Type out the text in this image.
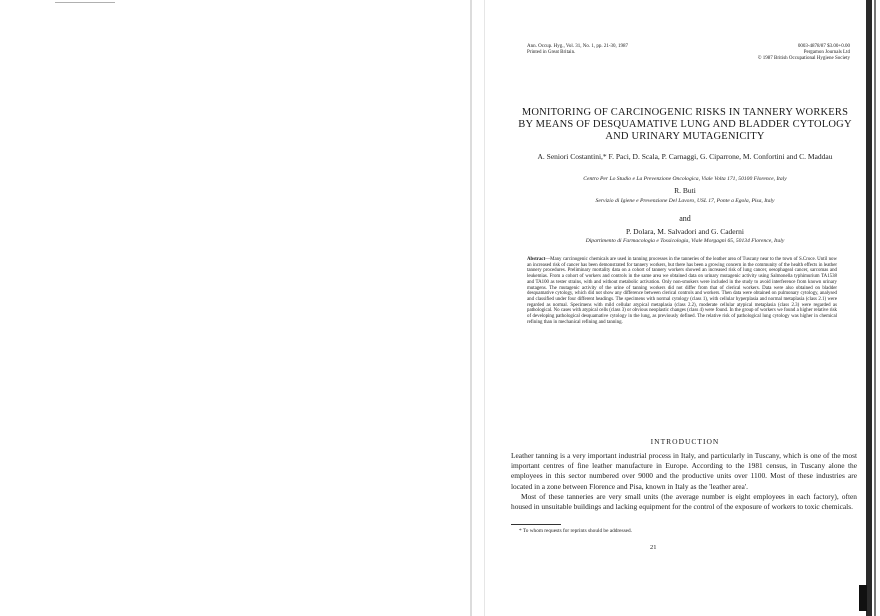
Ann. Occup. Hyg., Vol. 31, No. 1, pp. 21-30, 1987
Printed in Great Britain.
0003-4878/87 $3.00+0.00
Pergamon Journals Ltd
© 1987 British Occupational Hygiene Society
MONITORING OF CARCINOGENIC RISKS IN TANNERY WORKERS BY MEANS OF DESQUAMATIVE LUNG AND BLADDER CYTOLOGY AND URINARY MUTAGENICITY
A. Seniori Costantini,* F. Paci, D. Scala, P. Carnaggi, G. Ciparrone, M. Confortini and C. Maddau
Centro Per Lo Studio e La Prevenzione Oncologica, Viale Volta 171, 50100 Florence, Italy
R. Buti
Servizio di Igiene e Prevenzione Del Lavoro, USL 17, Ponte a Egola, Pisa, Italy
and
P. Dolara, M. Salvadori and G. Caderni
Dipartimento di Farmacologia e Tossicologia, Viale Morgagni 65, 50134 Florence, Italy
Abstract—Many carcinogenic chemicals are used in tanning processes in the tanneries of the leather area of Tuscany near to the town of S.Croce. Until now an increased risk of cancer has been demonstrated for tannery workers, but there has been a growing concern in the community of the health effects in leather tannery procedures. Preliminary mortality data on a cohort of tannery workers showed an increased risk of lung cancer, oesophageal cancer, sarcomas and leukemias. From a cohort of workers and controls in the same area we obtained data on urinary mutagenic activity using Salmonella typhimurium TA1538 and TA100 as tester strains, with and without metabolic activation. Only non-smokers were included in the study to avoid interference from known urinary mutagens. The mutagenic activity of the urine of tanning workers did not differ from that of clerical workers. Data were also obtained on bladder desquamative cytology, which did not show any difference between clerical controls and workers. Then data were obtained on pulmonary cytology, analysed and classified under four different headings. The specimens with normal cytology (class 1), with cellular hyperplasia and normal metaplasia (class 2.1) were regarded as normal. Specimens with mild cellular atypical metaplasia (class 2.2), moderate cellular atypical metaplasia (class 2.3) were regarded as pathological. No cases with atypical cells (class 3) or obvious neoplastic changes (class 4) were found. In the group of workers we found a higher relative risk of developing pathological desquamative cytology in the lung, as previously defined. The relative risk of pathological lung cytology was higher in chemical refining than in mechanical refining and tanning.
INTRODUCTION

Leather tanning is a very important industrial process in Italy, and particularly in Tuscany, which is one of the most important centres of fine leather manufacture in Europe. According to the 1981 census, in Tuscany alone the employees in this sector numbered over 9000 and the productive units over 1100. Most of these industries are located in a zone between Florence and Pisa, known in Italy as the 'leather area'.

Most of these tanneries are very small units (the average number is eight employees in each factory), often housed in unsuitable buildings and lacking equipment for the control of the exposure of workers to toxic chemicals.

* To whom requests for reprints should be addressed.
21
